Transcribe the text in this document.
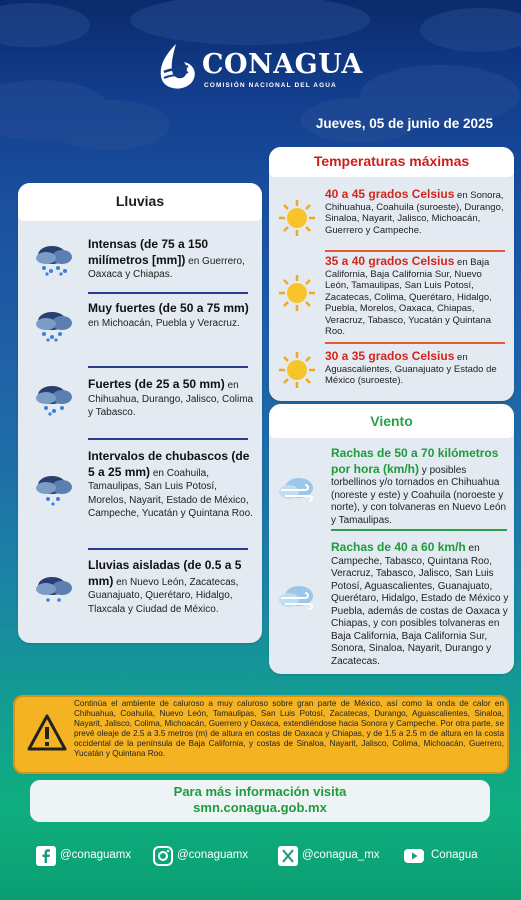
CONAGUA
COMISIÓN NACIONAL DEL AGUA
Jueves, 05 de junio de 2025
Lluvias
Intensas (de 75 a 150 milímetros [mm]) en Guerrero, Oaxaca y Chiapas.
Muy fuertes (de 50 a 75 mm) en Michoacán, Puebla y Veracruz.
Fuertes (de 25 a 50 mm) en Chihuahua, Durango, Jalisco, Colima y Tabasco.
Intervalos de chubascos (de 5 a 25 mm) en Coahuila, Tamaulipas, San Luis Potosí, Morelos, Nayarit, Estado de México, Campeche, Yucatán y Quintana Roo.
Lluvias aisladas (de 0.5 a 5 mm) en Nuevo León, Zacatecas, Guanajuato, Querétaro, Hidalgo, Tlaxcala y Ciudad de México.
Temperaturas máximas
40 a 45 grados Celsius en Sonora, Chihuahua, Coahuila (suroeste), Durango, Sinaloa, Nayarit, Jalisco, Michoacán, Guerrero y Campeche.
35 a 40 grados Celsius en Baja California, Baja California Sur, Nuevo León, Tamaulipas, San Luis Potosí, Zacatecas, Colima, Querétaro, Hidalgo, Puebla, Morelos, Oaxaca, Chiapas, Veracruz, Tabasco, Yucatán y Quintana Roo.
30 a 35 grados Celsius en Aguascalientes, Guanajuato y Estado de México (suroeste).
Viento
Rachas de 50 a 70 kilómetros por hora (km/h) y posibles torbellinos y/o tornados en Chihuahua (noreste y este) y Coahuila (noroeste y norte), y con tolvaneras en Nuevo León y Tamaulipas.
Rachas de 40 a 60 km/h en Campeche, Tabasco, Quintana Roo, Veracruz, Tabasco, Jalisco, San Luis Potosí, Aguascalientes, Guanajuato, Querétaro, Hidalgo, Estado de México y Puebla, además de costas de Oaxaca y Chiapas, y con posibles tolvaneras en Baja California, Baja California Sur, Sonora, Sinaloa, Nayarit, Durango y Zacatecas.
Continúa el ambiente de caluroso a muy caluroso sobre gran parte de México, así como la onda de calor en Chihuahua, Coahuila, Nuevo León, Tamaulipas, San Luis Potosí, Zacatecas, Durango, Aguascalientes, Sinaloa, Nayarit, Jalisco, Colima, Michoacán, Guerrero y Oaxaca, extendiéndose hacia Sonora y Campeche. Por otra parte, se prevé oleaje de 2.5 a 3.5 metros (m) de altura en costas de Oaxaca y Chiapas, y de 1.5 a 2.5 m de altura en la costa occidental de la península de Baja California, y costas de Sinaloa, Nayarit, Jalisco, Colima, Michoacán, Guerrero, Yucatán y Quintana Roo.
Para más información visita
smn.conagua.gob.mx
@conaguamx	@conaguamx	@conagua_mx	Conagua
